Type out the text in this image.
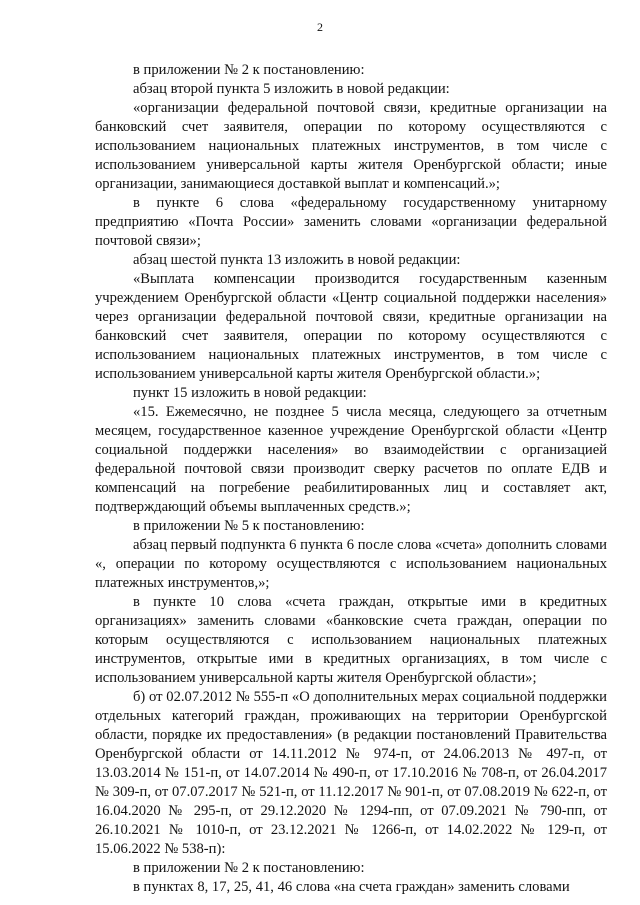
2

в приложении № 2 к постановлению:

абзац второй пункта 5 изложить в новой редакции:

«организации федеральной почтовой связи, кредитные организации на банковский счет заявителя, операции по которому осуществляются с использованием национальных платежных инструментов, в том числе с использованием универсальной карты жителя Оренбургской области; иные организации, занимающиеся доставкой выплат и компенсаций.»;

в пункте 6 слова «федеральному государственному унитарному предприятию «Почта России» заменить словами «организации федеральной почтовой связи»;

абзац шестой пункта 13 изложить в новой редакции:

«Выплата компенсации производится государственным казенным учреждением Оренбургской области «Центр социальной поддержки населения» через организации федеральной почтовой связи, кредитные организации на банковский счет заявителя, операции по которому осуществляются с использованием национальных платежных инструментов, в том числе с использованием универсальной карты жителя Оренбургской области.»;

пункт 15 изложить в новой редакции:

«15. Ежемесячно, не позднее 5 числа месяца, следующего за отчетным месяцем, государственное казенное учреждение Оренбургской области «Центр социальной поддержки населения» во взаимодействии с организацией федеральной почтовой связи производит сверку расчетов по оплате ЕДВ и компенсаций на погребение реабилитированных лиц и составляет акт, подтверждающий объемы выплаченных средств.»;

в приложении № 5 к постановлению:

абзац первый подпункта 6 пункта 6 после слова «счета» дополнить словами «, операции по которому осуществляются с использованием национальных платежных инструментов,»;

в пункте 10 слова «счета граждан, открытые ими в кредитных организациях» заменить словами «банковские счета граждан, операции по которым осуществляются с использованием национальных платежных инструментов, открытые ими в кредитных организациях, в том числе с использованием универсальной карты жителя Оренбургской области»;

б) от 02.07.2012 № 555-п «О дополнительных мерах социальной поддержки отдельных категорий граждан, проживающих на территории Оренбургской области, порядке их предоставления» (в редакции постановлений Правительства Оренбургской области от 14.11.2012 № 974-п, от 24.06.2013 № 497-п, от 13.03.2014 № 151-п, от 14.07.2014 № 490-п, от 17.10.2016 № 708-п, от 26.04.2017 № 309-п, от 07.07.2017 № 521-п, от 11.12.2017 № 901-п, от 07.08.2019 № 622-п, от 16.04.2020 № 295-п, от 29.12.2020 № 1294-пп, от 07.09.2021 № 790-пп, от 26.10.2021 № 1010-п, от 23.12.2021 № 1266-п, от 14.02.2022 № 129-п, от 15.06.2022 № 538-п):

в приложении № 2 к постановлению:

в пунктах 8, 17, 25, 41, 46 слова «на счета граждан» заменить словами
